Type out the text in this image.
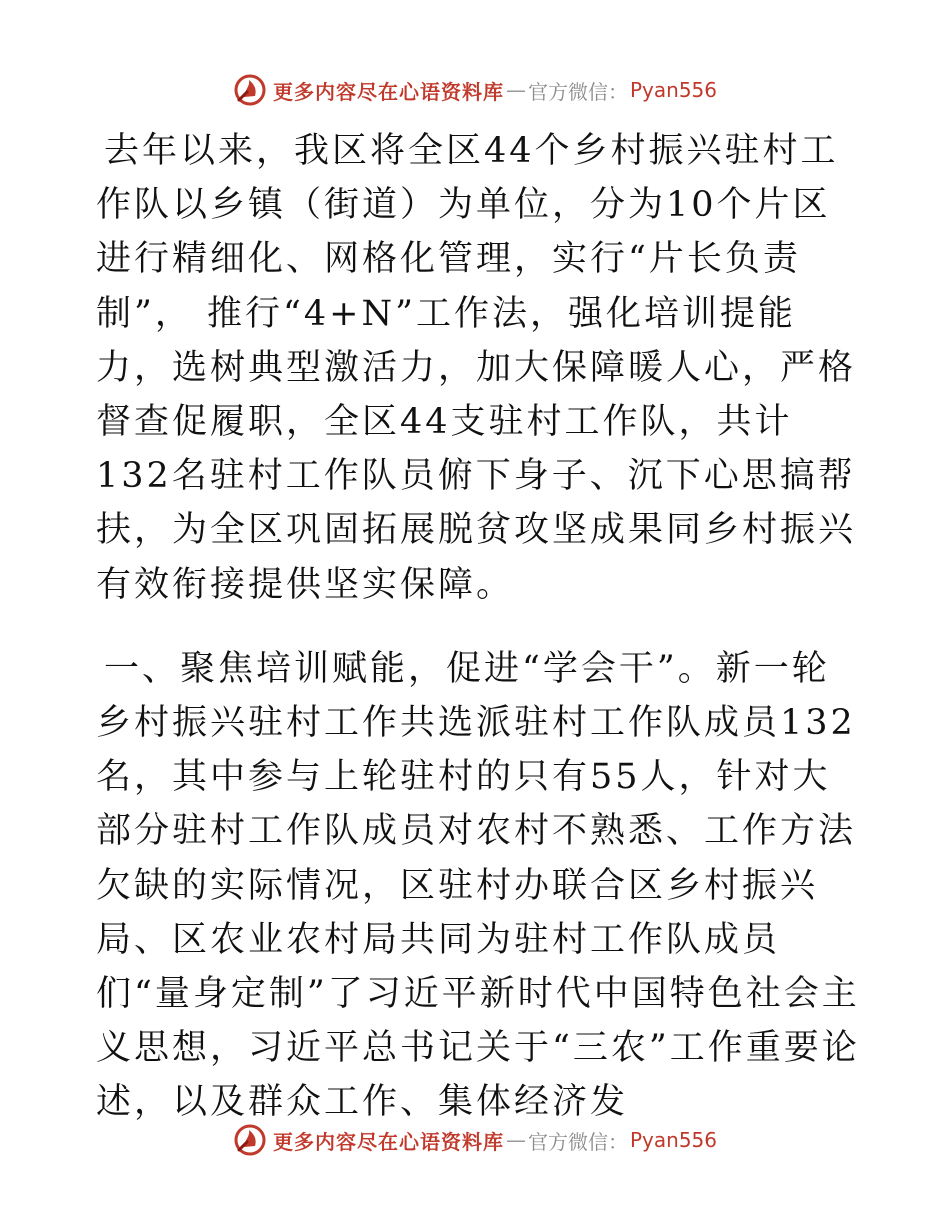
更多内容尽在心语资料库 — 官方微信： Pyan556

去年以来，我区将全区44个乡村振兴驻村工作队以乡镇（街道）为单位，分为10个片区进行精细化、网格化管理，实行“片长负责制”， 推行“4+N”工作法，强化培训提能力，选树典型激活力，加大保障暖人心，严格督查促履职，全区44支驻村工作队，共计132名驻村工作队员俯下身子、沉下心思搞帮扶，为全区巩固拓展脱贫攻坚成果同乡村振兴有效衔接提供坚实保障。

一、聚焦培训赋能，促进“学会干”。新一轮乡村振兴驻村工作共选派驻村工作队成员132名，其中参与上轮驻村的只有55人，针对大部分驻村工作队成员对农村不熟悉、工作方法欠缺的实际情况，区驻村办联合区乡村振兴局、区农业农村局共同为驻村工作队成员们“量身定制”了习近平新时代中国特色社会主义思想，习近平总书记关于“三农”工作重要论述，以及群众工作、集体经济发

更多内容尽在心语资料库 — 官方微信： Pyan556
